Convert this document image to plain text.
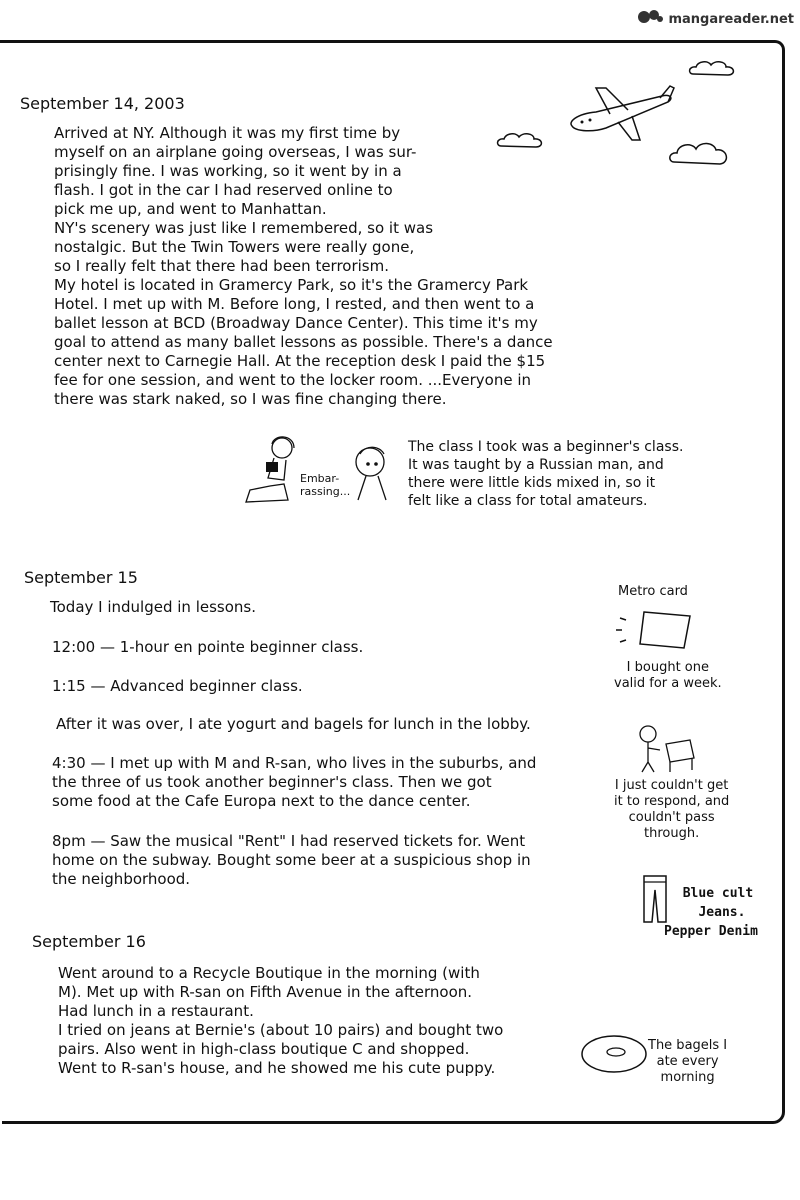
mangareader.net
September 14, 2003
Arrived at NY. Although it was my first time by
myself on an airplane going overseas, I was sur-
prisingly fine. I was working, so it went by in a
flash. I got in the car I had reserved online to
pick me up, and went to Manhattan.
NY's scenery was just like I remembered, so it was
nostalgic. But the Twin Towers were really gone,
so I really felt that there had been terrorism.
My hotel is located in Gramercy Park, so it's the Gramercy Park
Hotel. I met up with M. Before long, I rested, and then went to a
ballet lesson at BCD (Broadway Dance Center). This time it's my
goal to attend as many ballet lessons as possible. There's a dance
center next to Carnegie Hall. At the reception desk I paid the $15
fee for one session, and went to the locker room. ...Everyone in
there was stark naked, so I was fine changing there.
Embar-
rassing...
The class I took was a beginner's class.
It was taught by a Russian man, and
there were little kids mixed in, so it
felt like a class for total amateurs.
September 15
Today I indulged in lessons.
12:00 — 1-hour en pointe beginner class.
1:15 — Advanced beginner class.
After it was over, I ate yogurt and bagels for lunch in the lobby.
4:30 — I met up with M and R-san, who lives in the suburbs, and
the three of us took another beginner's class. Then we got
some food at the Cafe Europa next to the dance center.
8pm — Saw the musical "Rent" I had reserved tickets for. Went
home on the subway. Bought some beer at a suspicious shop in
the neighborhood.
Metro card
I bought one
valid for a week.
I just couldn't get
it to respond, and
couldn't pass
through.
Blue cult
Jeans.
Pepper Denim
September 16
Went around to a Recycle Boutique in the morning (with
M). Met up with R-san on Fifth Avenue in the afternoon.
Had lunch in a restaurant.
I tried on jeans at Bernie's (about 10 pairs) and bought two
pairs. Also went in high-class boutique C and shopped.
Went to R-san's house, and he showed me his cute puppy.
The bagels I
ate every
morning
